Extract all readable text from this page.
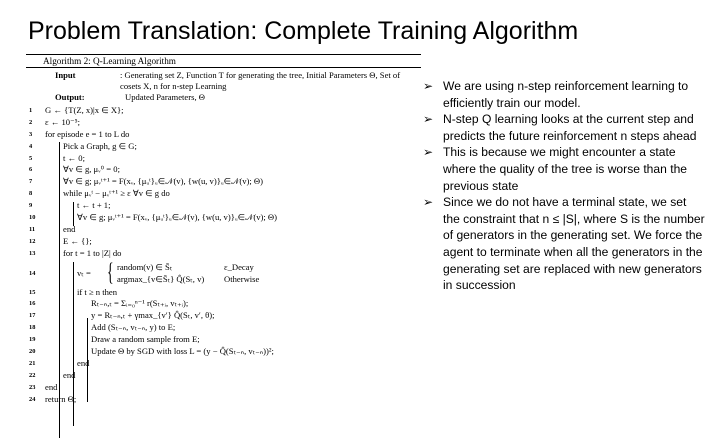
Problem Translation: Complete Training Algorithm
Algorithm 2: Q-Learning Algorithm
Input	: Generating set Z, Function T for generating the tree, Initial Parameters Θ, Set of cosets X, n for n-step Learning
Output:	Updated Parameters, Θ
1 G ← {T(Z, x)|x ∈ X};
2 ε ← 10⁻⁵;
3 for episode e = 1 to L do
4	Pick a Graph, g ∈ G;
5	t ← 0;
6	∀v ∈ g, μᵥ⁰ = 0;
7	∀v ∈ g; μᵥᵗ⁺¹ = F(xᵥ, {μᵤᵗ}ᵤ∈𝒩(v), {w(u, v)}ᵤ∈𝒩(v); Θ)
8	while μᵥᵗ − μᵥᵗ⁺¹ ≥ ε ∀v ∈ g do
9	t ← t + 1;
10	∀v ∈ g; μᵥᵗ⁺¹ = F(xᵥ, {μᵤᵗ}ᵤ∈𝒩(v), {w(u, v)}ᵤ∈𝒩(v); Θ)
11	end
12	E ← {};
13	for t = 1 to |Z| do
14	vₜ = { random(v) ∈ S̄ₜ	ε_Decay
argmax_{v∈S̄ₜ} Q̂(Sₜ, v) Otherwise
15	if t ≥ n then
16	Rₜ₋ₙ,ₜ = Σᵢ₌₀ⁿ⁻¹ r(Sₜ₊ᵢ, vₜ₊ᵢ);
17	y = Rₜ₋ₙ,ₜ + γmax_{v′} Q̂(Sₜ, v′, θ);
18	Add (Sₜ₋ₙ, vₜ₋ₙ, y) to E;
19	Draw a random sample from E;
20	Update Θ by SGD with loss L = (y − Q̂(Sₜ₋ₙ, vₜ₋ₙ))²;
21	end
22	end
23 end
24 return Θ;
➢ We are using n-step reinforcement learning to efficiently train our model.
➢ N-step Q learning looks at the current step and predicts the future reinforcement n steps ahead
➢ This is because we might encounter a state where the quality of the tree is worse than the previous state
➢ Since we do not have a terminal state, we set the constraint that n ≤ |S|, where S is the number of generators in the generating set. We force the agent to terminate when all the generators in the generating set are replaced with new generators in succession
